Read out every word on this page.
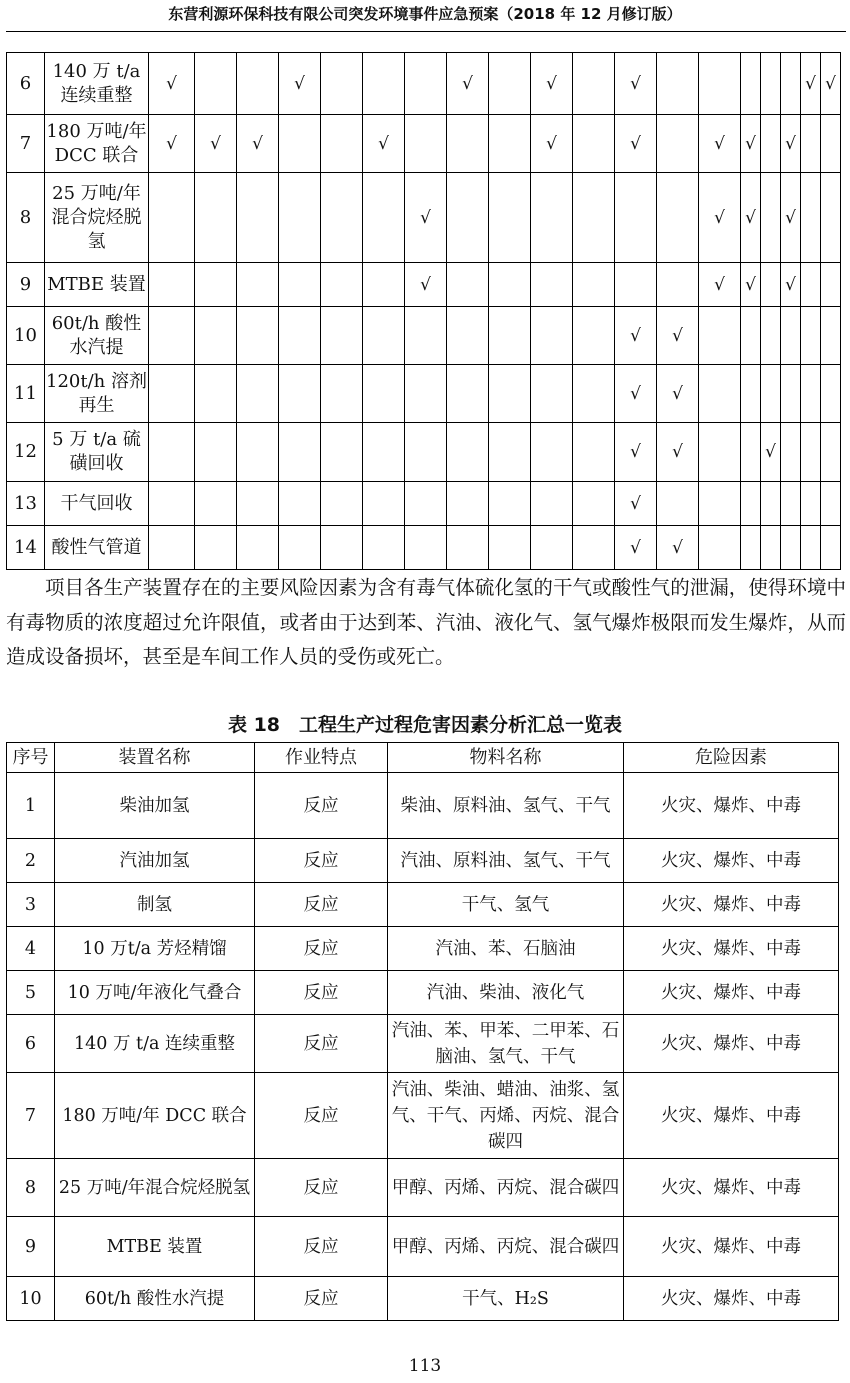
东营利源环保科技有限公司突发环境事件应急预案（2018 年 12 月修订版）
6	140 万 t/a 连续重整	√			√				√		√		√						√	√
7	180 万吨/年 DCC 联合	√	√	√			√				√		√		√	√		√		
8	25 万吨/年混合烷烃脱氢							√							√	√		√		
9	MTBE 装置							√							√	√		√		
10	60t/h 酸性水汽提												√	√						
11	120t/h 溶剂再生												√	√						
12	5 万 t/a 硫磺回收												√	√			√			
13	干气回收												√							
14	酸性气管道												√	√						

项目各生产装置存在的主要风险因素为含有毒气体硫化氢的干气或酸性气的泄漏，使得环境中有毒物质的浓度超过允许限值，或者由于达到苯、汽油、液化气、氢气爆炸极限而发生爆炸，从而造成设备损坏，甚至是车间工作人员的受伤或死亡。

表 18　工程生产过程危害因素分析汇总一览表
序号	装置名称	作业特点	物料名称	危险因素
1	柴油加氢	反应	柴油、原料油、氢气、干气	火灾、爆炸、中毒
2	汽油加氢	反应	汽油、原料油、氢气、干气	火灾、爆炸、中毒
3	制氢	反应	干气、氢气	火灾、爆炸、中毒
4	10 万t/a 芳烃精馏	反应	汽油、苯、石脑油	火灾、爆炸、中毒
5	10 万吨/年液化气叠合	反应	汽油、柴油、液化气	火灾、爆炸、中毒
6	140 万 t/a 连续重整	反应	汽油、苯、甲苯、二甲苯、石脑油、氢气、干气	火灾、爆炸、中毒
7	180 万吨/年 DCC 联合	反应	汽油、柴油、蜡油、油浆、氢气、干气、丙烯、丙烷、混合碳四	火灾、爆炸、中毒
8	25 万吨/年混合烷烃脱氢	反应	甲醇、丙烯、丙烷、混合碳四	火灾、爆炸、中毒
9	MTBE 装置	反应	甲醇、丙烯、丙烷、混合碳四	火灾、爆炸、中毒
10	60t/h 酸性水汽提	反应	干气、H₂S	火灾、爆炸、中毒
113
